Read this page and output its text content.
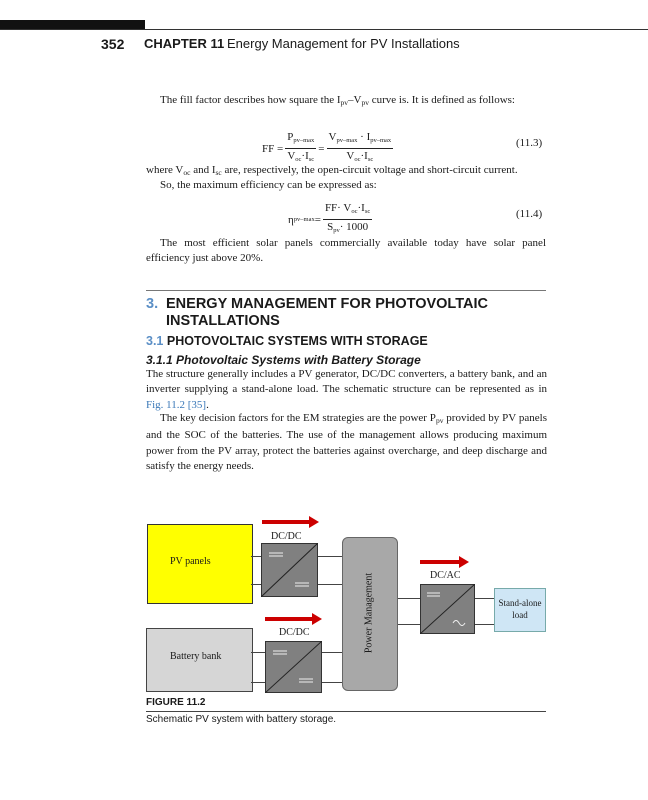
352 CHAPTER 11 Energy Management for PV Installations
The fill factor describes how square the $I_{pv}-V_{pv}$ curve is. It is defined as follows:
FF = $\frac{\text{Ppv–max}}{\text{Voc·Isc}} = \frac{\text{Vpv–max · Ipv–max}}{\text{Voc·Isc}}$	(11.3)
where $V_{oc}$ and $I_{sc}$ are, respectively, the open-circuit voltage and short-circuit current.
So, the maximum efficiency can be expressed as:
η $pv-\max = \frac{\text{FF· Voc·Isc}}{\text{Spv· 1000}}$	(11.4)
The most efficient solar panels commercially available today have solar panel efficiency just above 20%.
3. ENERGY MANAGEMENT FOR PHOTOVOLTAIC INSTALLATIONS
3.1 PHOTOVOLTAIC SYSTEMS WITH STORAGE
3.1.1 Photovoltaic Systems with Battery Storage
The structure generally includes a PV generator, DC/DC converters, a battery bank, and an inverter supplying a stand-alone load. The schematic structure can be represented as in Fig. 11.2 [35].
The key decision factors for the EM strategies are the power $P_{pv}$ provided by PV panels and the SOC of the batteries. The use of the management allows producing maximum power from the PV array, protect the batteries against overcharge, and deep discharge and satisfy the energy needs.
PV panels
Battery bank
DC/DC
DC/DC
DC/AC
Power Management	Stand-alone
load
FIGURE 11.2
Schematic PV system with battery storage.
